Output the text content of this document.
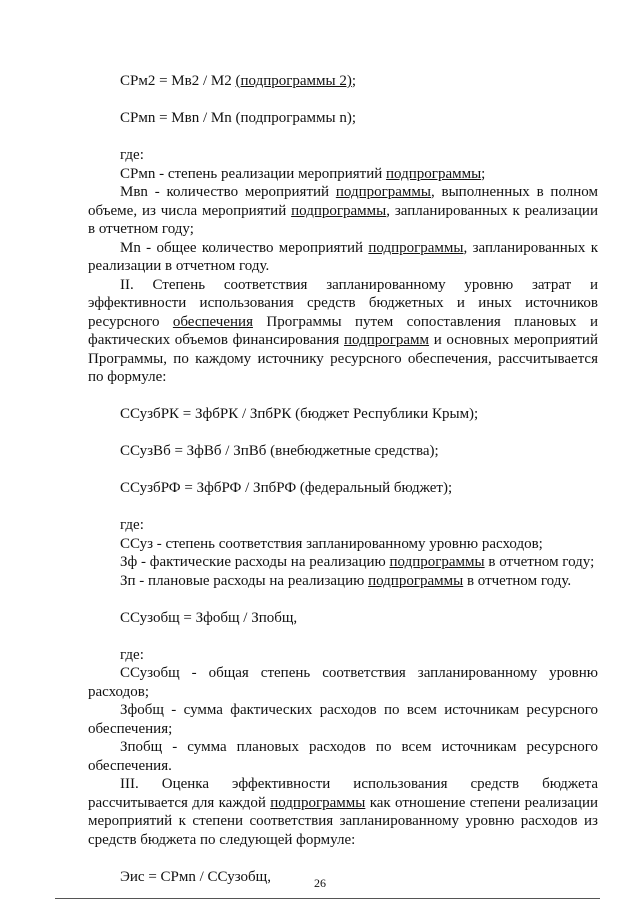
СРм2 = Мв2 / М2 (подпрограммы 2);
СРмn = Мвn / Мn (подпрограммы n);
где:
СРмn - степень реализации мероприятий подпрограммы;
Мвn - количество мероприятий подпрограммы, выполненных в полном
объеме, из числа мероприятий подпрограммы, запланированных к реализации
в отчетном году;
Мn - общее количество мероприятий подпрограммы, запланированных к
реализации в отчетном году.
II. Степень соответствия запланированному уровню затрат и
эффективности использования средств бюджетных и иных источников
ресурсного обеспечения Программы путем сопоставления плановых и
фактических объемов финансирования подпрограмм и основных мероприятий
Программы, по каждому источнику ресурсного обеспечения, рассчитывается
по формуле:
ССузбРК = ЗфбРК / ЗпбРК (бюджет Республики Крым);
ССузВб = ЗфВб / ЗпВб (внебюджетные средства);
ССузбРФ = ЗфбРФ / ЗпбРФ (федеральный бюджет);
где:
ССуз - степень соответствия запланированному уровню расходов;
Зф - фактические расходы на реализацию подпрограммы в отчетном году;
Зп - плановые расходы на реализацию подпрограммы в отчетном году.
ССузобщ = Зфобщ / Зпобщ,
где:
ССузобщ - общая степень соответствия запланированному уровню
расходов;
Зфобщ - сумма фактических расходов по всем источникам ресурсного
обеспечения;
Зпобщ - сумма плановых расходов по всем источникам ресурсного
обеспечения.
III. Оценка эффективности использования средств бюджета
рассчитывается для каждой подпрограммы как отношение степени реализации
мероприятий к степени соответствия запланированному уровню расходов из
средств бюджета по следующей формуле:
Эис = СРмn / ССузобщ,	26
